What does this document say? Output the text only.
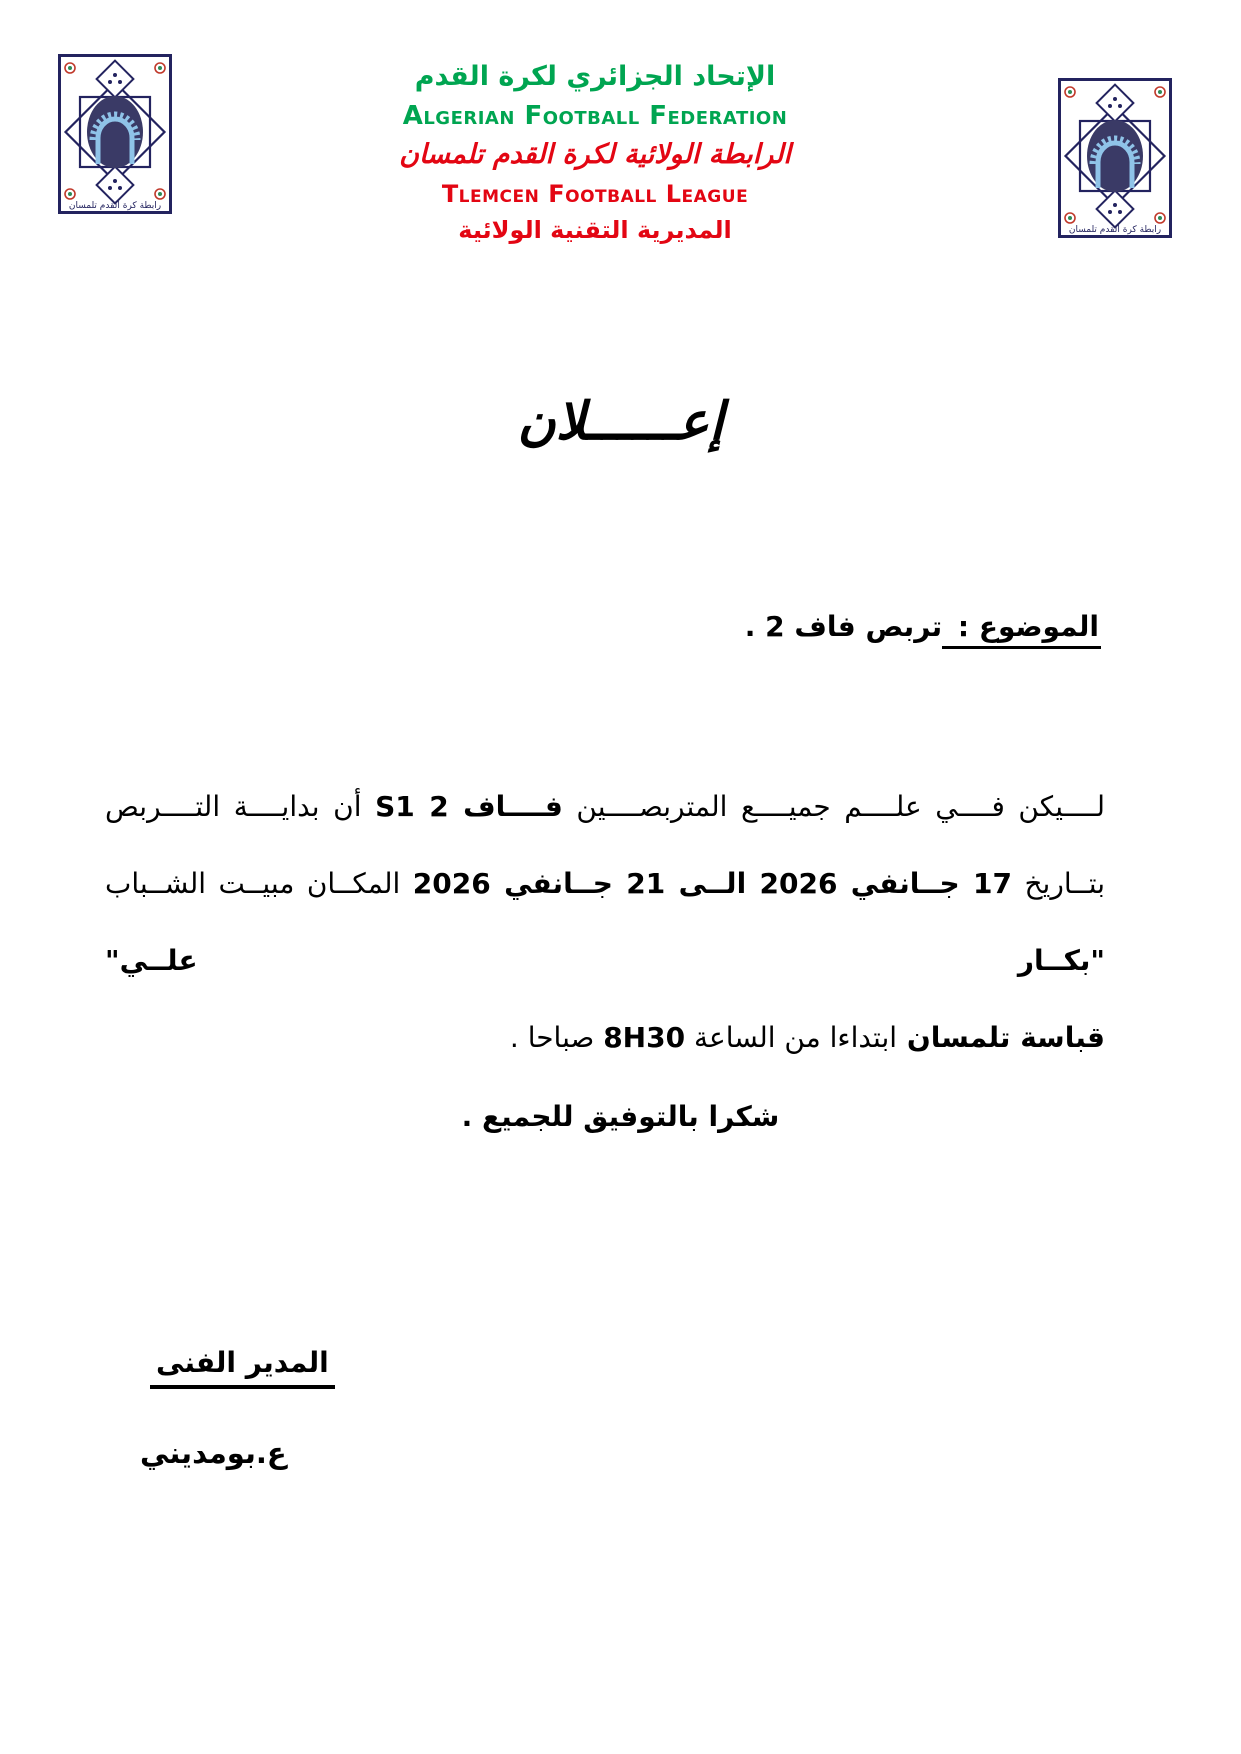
رابطة كرة القدم تلمسان
رابطة كرة القدم تلمسان
الإتحاد الجزائري لكرة القدم
Algerian Football Federation
الرابطة الولائية لكرة القدم تلمسان
Tlemcen Football League
المديرية التقنية الولائية
إعــــــلان
الموضوع : تربص فاف 2 .
لــــيكن فــــي علــــم جميــــع المتربصــــين فــــاف S1 2 أن بدايــــة التــــربص
بتــاريخ 17 جــانفي 2026 الــى 21 جــانفي 2026 المكــان مبيــت الشــباب "بكــار علــي"
قباسة تلمسان ابتداءا من الساعة 8H30 صباحا .
شكرا بالتوفيق للجميع .
المدير الفنى
ع.بومديني
